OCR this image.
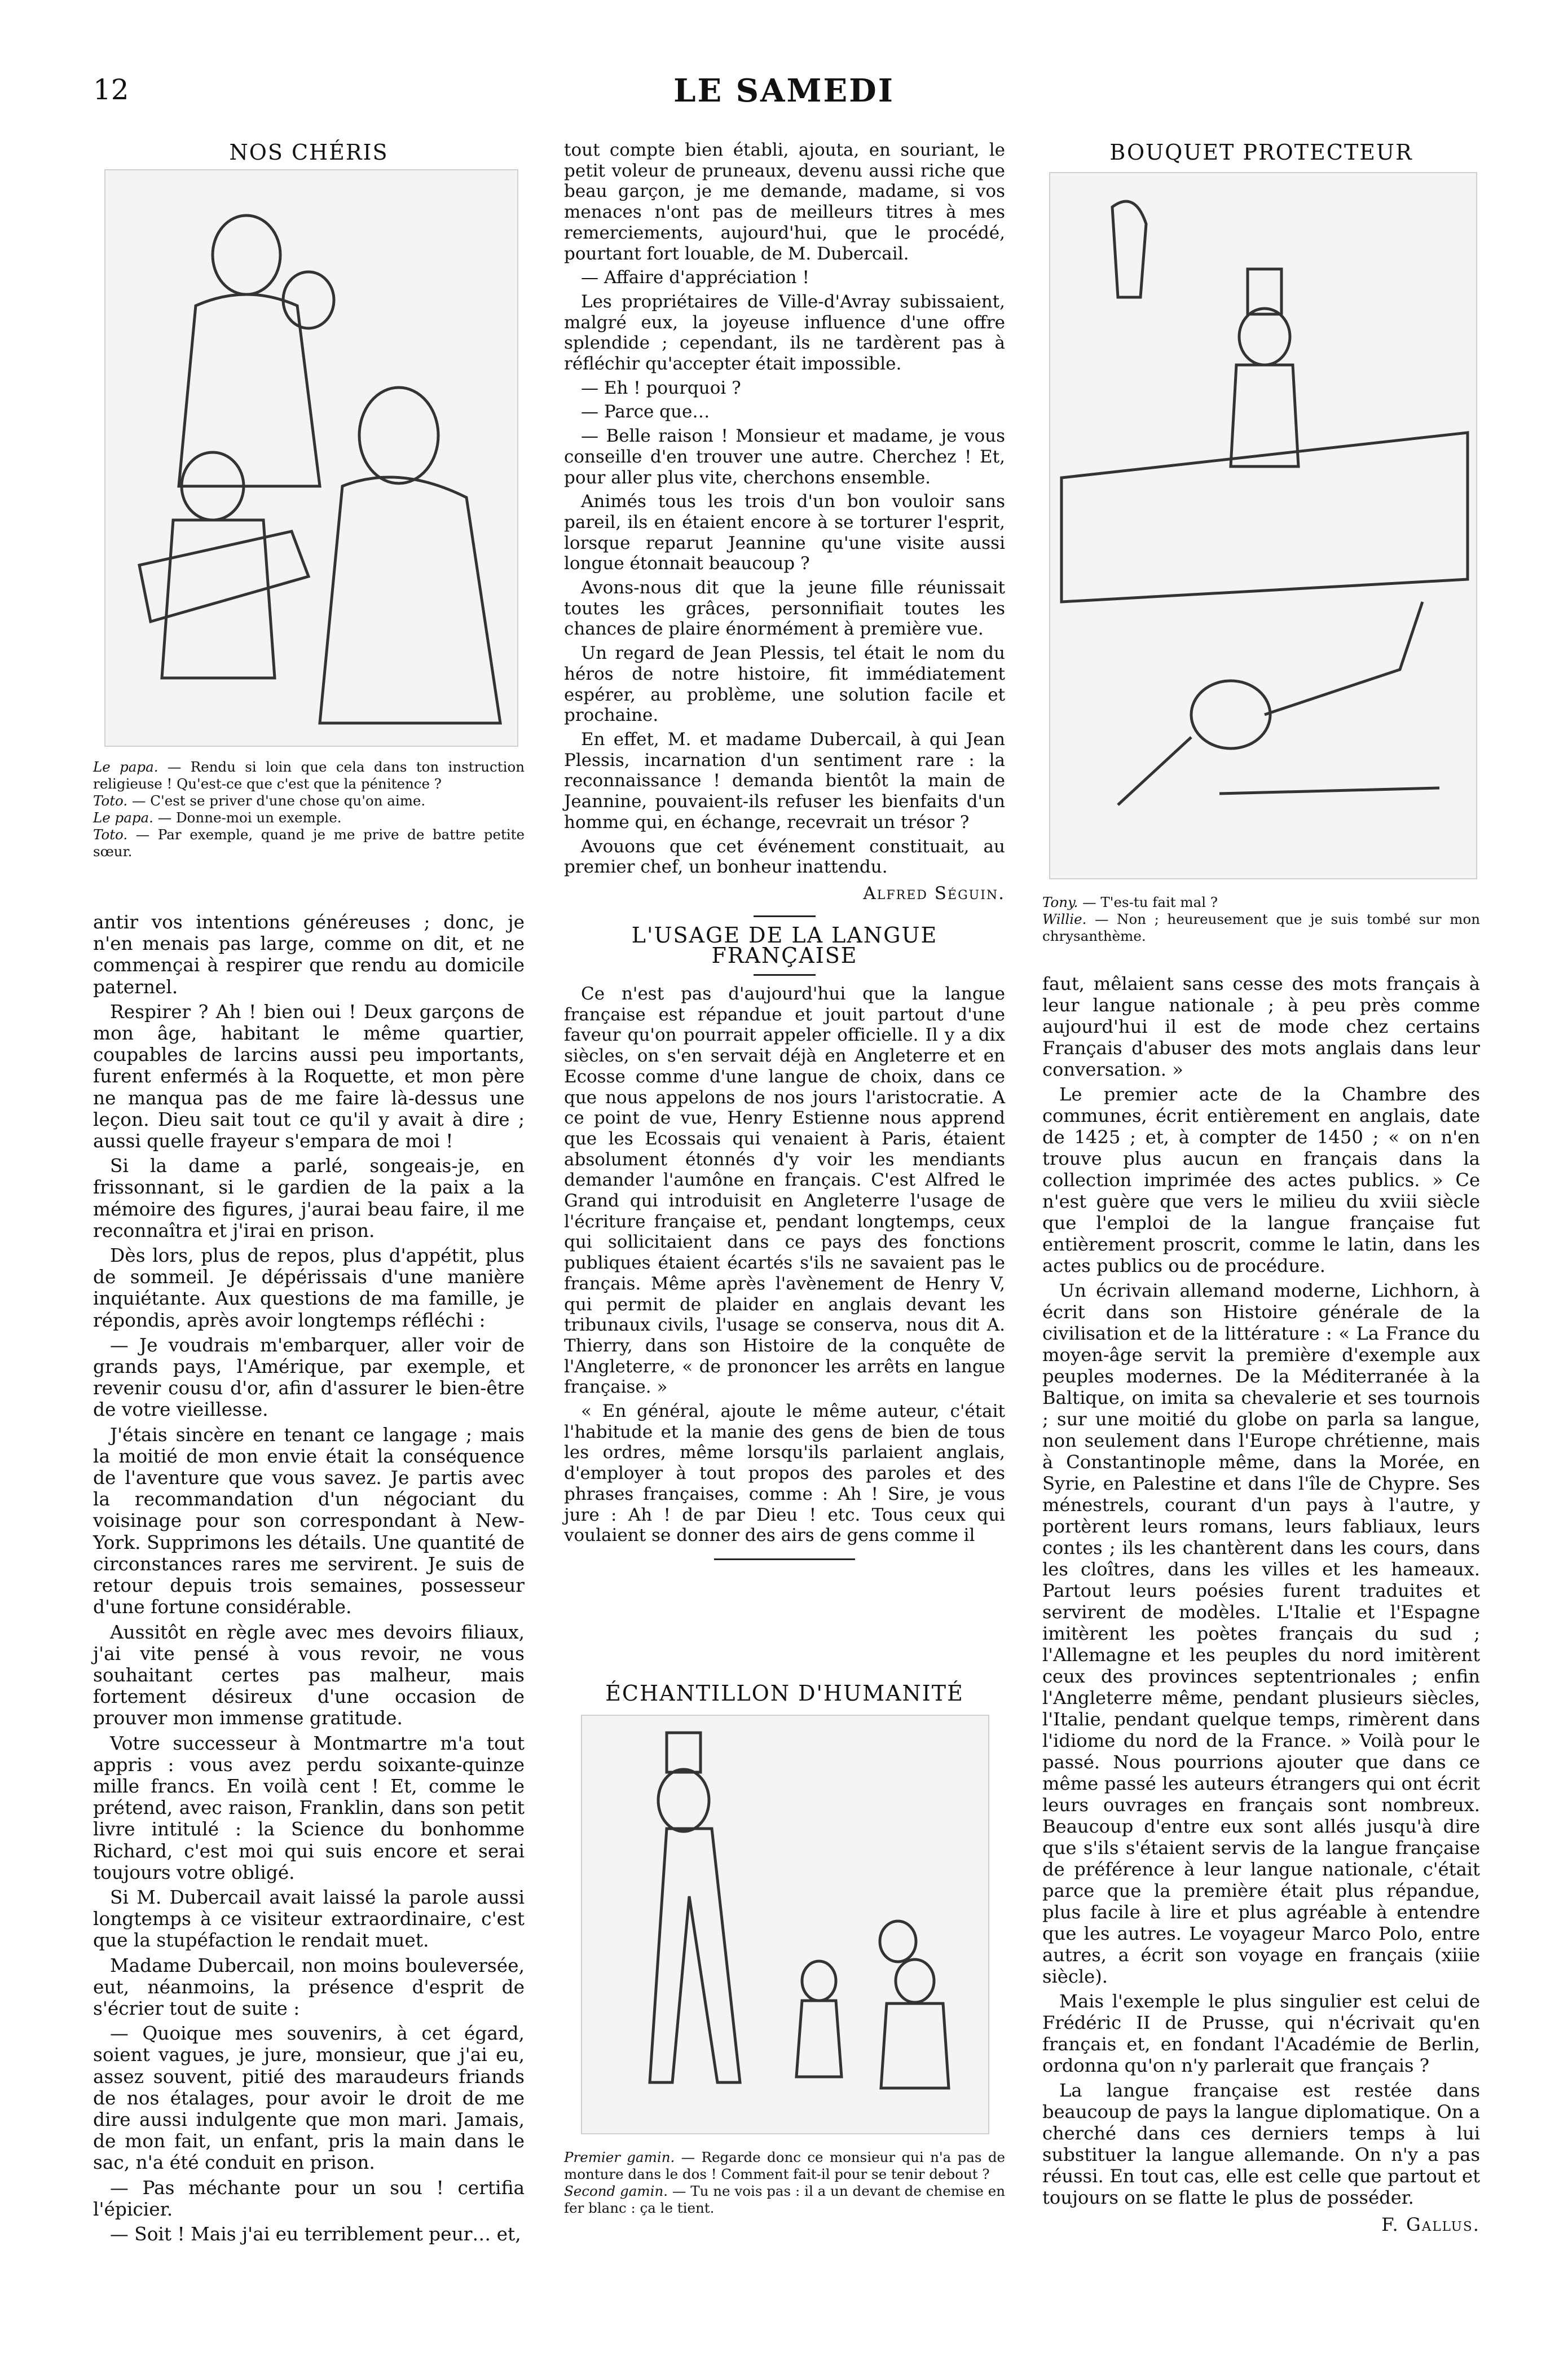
12	LE SAMEDI
NOS CHÉRIS

Le papa. — Rendu si loin que cela dans ton instruction religieuse ! Qu'est-ce que c'est que la pénitence ?

Toto. — C'est se priver d'une chose qu'on aime.

Le papa. — Donne-moi un exemple.

Toto. — Par exemple, quand je me prive de battre petite sœur.

antir vos intentions généreuses ; donc, je n'en menais pas large, comme on dit, et ne commençai à respirer que rendu au domicile paternel.

Respirer ? Ah ! bien oui ! Deux garçons de mon âge, habitant le même quartier, coupables de larcins aussi peu importants, furent enfermés à la Roquette, et mon père ne manqua pas de me faire là-dessus une leçon. Dieu sait tout ce qu'il y avait à dire ; aussi quelle frayeur s'empara de moi !

Si la dame a parlé, songeais-je, en frissonnant, si le gardien de la paix a la mémoire des figures, j'aurai beau faire, il me reconnaîtra et j'irai en prison.

Dès lors, plus de repos, plus d'appétit, plus de sommeil. Je dépérissais d'une manière inquiétante. Aux questions de ma famille, je répondis, après avoir longtemps réfléchi :

— Je voudrais m'embarquer, aller voir de grands pays, l'Amérique, par exemple, et revenir cousu d'or, afin d'assurer le bien-être de votre vieillesse.

J'étais sincère en tenant ce langage ; mais la moitié de mon envie était la conséquence de l'aventure que vous savez. Je partis avec la recommandation d'un négociant du voisinage pour son correspondant à New-York. Supprimons les détails. Une quantité de circonstances rares me servirent. Je suis de retour depuis trois semaines, possesseur d'une fortune considérable.

Aussitôt en règle avec mes devoirs filiaux, j'ai vite pensé à vous revoir, ne vous souhaitant certes pas malheur, mais fortement désireux d'une occasion de prouver mon immense gratitude.

Votre successeur à Montmartre m'a tout appris : vous avez perdu soixante-quinze mille francs. En voilà cent ! Et, comme le prétend, avec raison, Franklin, dans son petit livre intitulé : la Science du bonhomme Richard, c'est moi qui suis encore et serai toujours votre obligé.

Si M. Dubercail avait laissé la parole aussi longtemps à ce visiteur extraordinaire, c'est que la stupéfaction le rendait muet.

Madame Dubercail, non moins bouleversée, eut, néanmoins, la présence d'esprit de s'écrier tout de suite :

— Quoique mes souvenirs, à cet égard, soient vagues, je jure, monsieur, que j'ai eu, assez souvent, pitié des maraudeurs friands de nos étalages, pour avoir le droit de me dire aussi indulgente que mon mari. Jamais, de mon fait, un enfant, pris la main dans le sac, n'a été conduit en prison.

— Pas méchante pour un sou ! certifia l'épicier.

— Soit ! Mais j'ai eu terriblement peur… et,

tout compte bien établi, ajouta, en souriant, le petit voleur de pruneaux, devenu aussi riche que beau garçon, je me demande, madame, si vos menaces n'ont pas de meilleurs titres à mes remerciements, aujourd'hui, que le procédé, pourtant fort louable, de M. Dubercail.

— Affaire d'appréciation !

Les propriétaires de Ville-d'Avray subissaient, malgré eux, la joyeuse influence d'une offre splendide ; cependant, ils ne tardèrent pas à réfléchir qu'accepter était impossible.

— Eh ! pourquoi ?

— Parce que…

— Belle raison ! Monsieur et madame, je vous conseille d'en trouver une autre. Cherchez ! Et, pour aller plus vite, cherchons ensemble.

Animés tous les trois d'un bon vouloir sans pareil, ils en étaient encore à se torturer l'esprit, lorsque reparut Jeannine qu'une visite aussi longue étonnait beaucoup ?

Avons-nous dit que la jeune fille réunissait toutes les grâces, personnifiait toutes les chances de plaire énormément à première vue.

Un regard de Jean Plessis, tel était le nom du héros de notre histoire, fit immédiatement espérer, au problème, une solution facile et prochaine.

En effet, M. et madame Dubercail, à qui Jean Plessis, incarnation d'un sentiment rare : la reconnaissance ! demanda bientôt la main de Jeannine, pouvaient-ils refuser les bienfaits d'un homme qui, en échange, recevrait un trésor ?

Avouons que cet événement constituait, au premier chef, un bonheur inattendu.

Alfred Séguin.
L'USAGE DE LA LANGUE FRANÇAISE

Ce n'est pas d'aujourd'hui que la langue française est répandue et jouit partout d'une faveur qu'on pourrait appeler officielle. Il y a dix siècles, on s'en servait déjà en Angleterre et en Ecosse comme d'une langue de choix, dans ce que nous appelons de nos jours l'aristocratie. A ce point de vue, Henry Estienne nous apprend que les Ecossais qui venaient à Paris, étaient absolument étonnés d'y voir les mendiants demander l'aumône en français. C'est Alfred le Grand qui introduisit en Angleterre l'usage de l'écriture française et, pendant longtemps, ceux qui sollicitaient dans ce pays des fonctions publiques étaient écartés s'ils ne savaient pas le français. Même après l'avènement de Henry V, qui permit de plaider en anglais devant les tribunaux civils, l'usage se conserva, nous dit A. Thierry, dans son Histoire de la conquête de l'Angleterre, « de prononcer les arrêts en langue française. »

« En général, ajoute le même auteur, c'était l'habitude et la manie des gens de bien de tous les ordres, même lorsqu'ils parlaient anglais, d'employer à tout propos des paroles et des phrases françaises, comme : Ah ! Sire, je vous jure : Ah ! de par Dieu ! etc. Tous ceux qui voulaient se donner des airs de gens comme il

ÉCHANTILLON D'HUMANITÉ

Premier gamin. — Regarde donc ce monsieur qui n'a pas de monture dans le dos ! Comment fait-il pour se tenir debout ?

Second gamin. — Tu ne vois pas : il a un devant de chemise en fer blanc : ça le tient.

BOUQUET PROTECTEUR

Tony. — T'es-tu fait mal ?

Willie. — Non ; heureusement que je suis tombé sur mon chrysanthème.

faut, mêlaient sans cesse des mots français à leur langue nationale ; à peu près comme aujourd'hui il est de mode chez certains Français d'abuser des mots anglais dans leur conversation. »

Le premier acte de la Chambre des communes, écrit entièrement en anglais, date de 1425 ; et, à compter de 1450 ; « on n'en trouve plus aucun en français dans la collection imprimée des actes publics. » Ce n'est guère que vers le milieu du xviii siècle que l'emploi de la langue française fut entièrement proscrit, comme le latin, dans les actes publics ou de procédure.

Un écrivain allemand moderne, Lichhorn, à écrit dans son Histoire générale de la civilisation et de la littérature : « La France du moyen-âge servit la première d'exemple aux peuples modernes. De la Méditerranée à la Baltique, on imita sa chevalerie et ses tournois ; sur une moitié du globe on parla sa langue, non seulement dans l'Europe chrétienne, mais à Constantinople même, dans la Morée, en Syrie, en Palestine et dans l'île de Chypre. Ses ménestrels, courant d'un pays à l'autre, y portèrent leurs romans, leurs fabliaux, leurs contes ; ils les chantèrent dans les cours, dans les cloîtres, dans les villes et les hameaux. Partout leurs poésies furent traduites et servirent de modèles. L'Italie et l'Espagne imitèrent les poètes français du sud ; l'Allemagne et les peuples du nord imitèrent ceux des provinces septentrionales ; enfin l'Angleterre même, pendant plusieurs siècles, l'Italie, pendant quelque temps, rimèrent dans l'idiome du nord de la France. » Voilà pour le passé. Nous pourrions ajouter que dans ce même passé les auteurs étrangers qui ont écrit leurs ouvrages en français sont nombreux. Beaucoup d'entre eux sont allés jusqu'à dire que s'ils s'étaient servis de la langue française de préférence à leur langue nationale, c'était parce que la première était plus répandue, plus facile à lire et plus agréable à entendre que les autres. Le voyageur Marco Polo, entre autres, a écrit son voyage en français (xiiie siècle).

Mais l'exemple le plus singulier est celui de Frédéric II de Prusse, qui n'écrivait qu'en français et, en fondant l'Académie de Berlin, ordonna qu'on n'y parlerait que français ?

La langue française est restée dans beaucoup de pays la langue diplomatique. On a cherché dans ces derniers temps à lui substituer la langue allemande. On n'y a pas réussi. En tout cas, elle est celle que partout et toujours on se flatte le plus de posséder.

F. Gallus.
